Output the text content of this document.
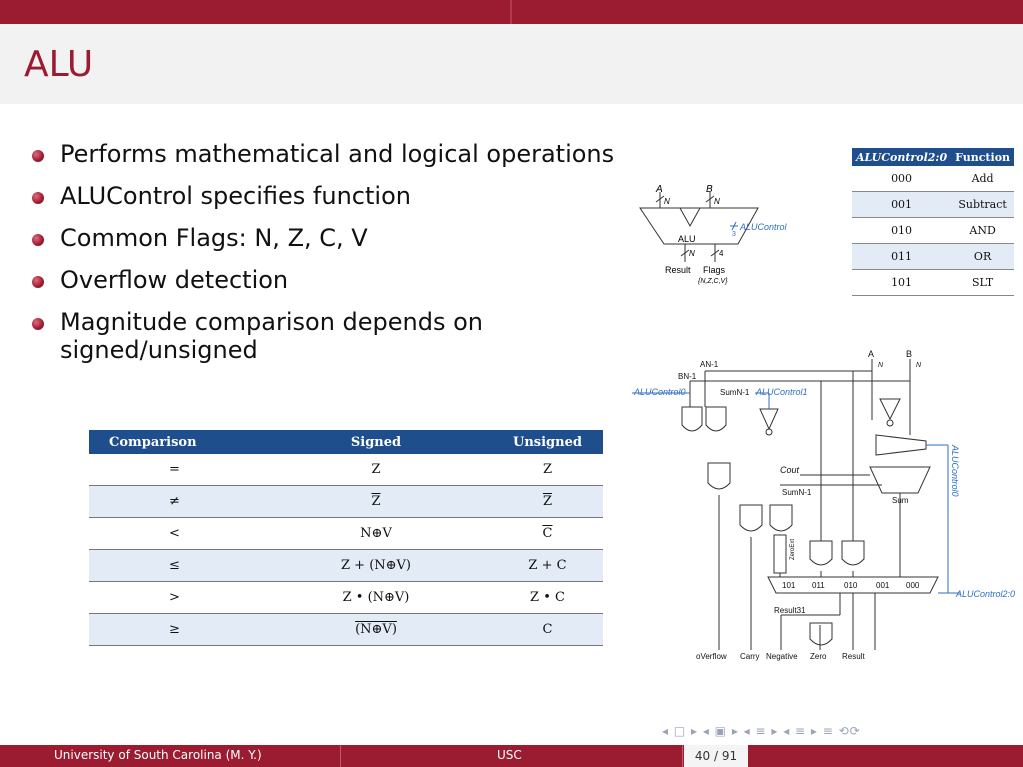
ALU
Performs mathematical and logical operations
ALUControl specifies function
Common Flags: N, Z, C, V
Overflow detection
Magnitude comparison depends on signed/unsigned
A	B
N	N
ALU	3
ALUControl
N	4
Result Flags
{N,Z,C,V}
ALUControl2:0	Function
000	Add
001	Subtract
010	AND
011	OR
101	SLT
Comparison	Signed	Unsigned
=	Z	Z
≠	$\overline{Z}$	$\overline{Z}$
<	N⊕V	$\overline{C}$
≤	Z + (N⊕V)	Z + C
>	Z • (N⊕V)	Z • C
≥	(N⊕V)	C
A	B
AN-1
BN-1
N	N
SumN-1
Cout
SumN-1
Sum
ZeroExt
101 011 010 001 000
Result31
oVerflow Carry Negative Zero Result
ALUControl0	ALUControl1
ALUControl2:0
ALUControl0
◂ □ ▸ ◂ ▣ ▸ ◂ ≡ ▸ ◂ ≡ ▸ ≡ ⟲⟳
University of South Carolina (M. Y.)	USC	40 / 91
